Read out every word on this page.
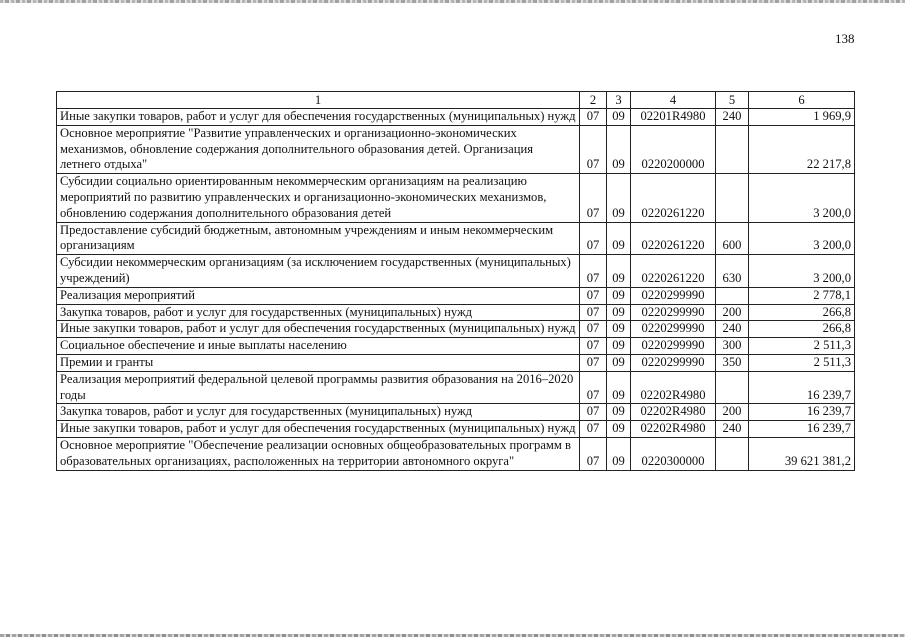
138
1	2	3	4	5	6
Иные закупки товаров, работ и услуг для обеспечения государственных (муниципальных) нужд	07	09	02201R4980	240	1 969,9
Основное мероприятие "Развитие управленческих и организационно-экономических механизмов, обновление содержания дополнительного образования детей. Организация летнего отдыха"	07	09	0220200000		22 217,8
Субсидии социально ориентированным некоммерческим организациям на реализацию мероприятий по развитию управленческих и организационно-экономических механизмов, обновлению содержания дополнительного образования детей	07	09	0220261220		3 200,0
Предоставление субсидий бюджетным, автономным учреждениям и иным некоммерческим организациям	07	09	0220261220	600	3 200,0
Субсидии некоммерческим организациям (за исключением государственных (муниципальных) учреждений)	07	09	0220261220	630	3 200,0
Реализация мероприятий	07	09	0220299990		2 778,1
Закупка товаров, работ и услуг для государственных (муниципальных) нужд	07	09	0220299990	200	266,8
Иные закупки товаров, работ и услуг для обеспечения государственных (муниципальных) нужд	07	09	0220299990	240	266,8
Социальное обеспечение и иные выплаты населению	07	09	0220299990	300	2 511,3
Премии и гранты	07	09	0220299990	350	2 511,3
Реализация мероприятий федеральной целевой программы развития образования на 2016–2020 годы	07	09	02202R4980		16 239,7
Закупка товаров, работ и услуг для государственных (муниципальных) нужд	07	09	02202R4980	200	16 239,7
Иные закупки товаров, работ и услуг для обеспечения государственных (муниципальных) нужд	07	09	02202R4980	240	16 239,7
Основное мероприятие "Обеспечение реализации основных общеобразовательных программ в образовательных организациях, расположенных на территории автономного округа"	07	09	0220300000		39 621 381,2
